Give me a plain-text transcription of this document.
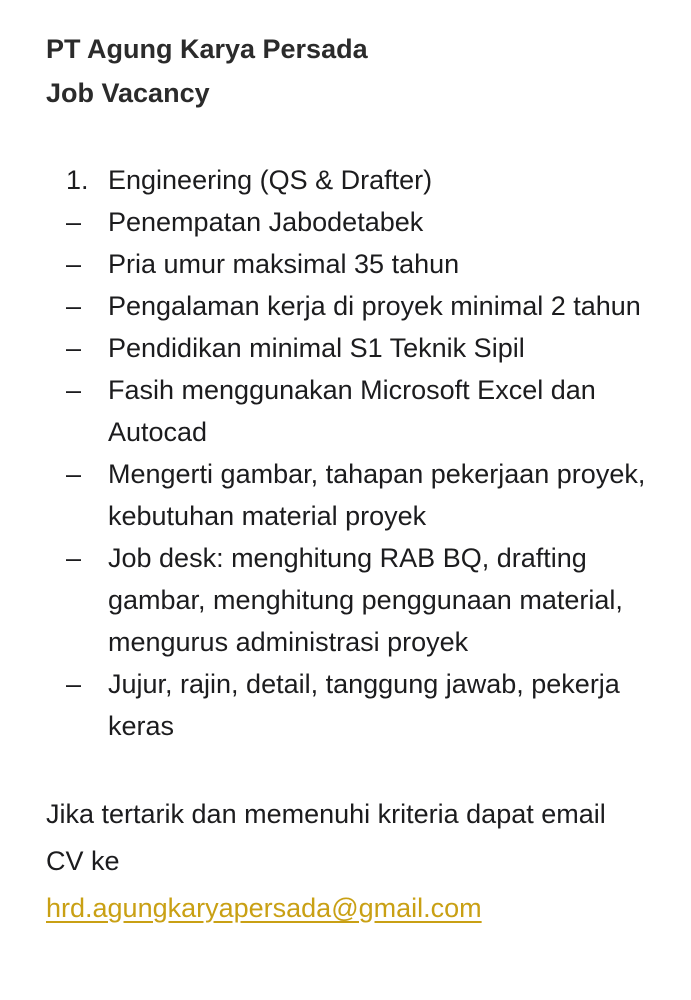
PT Agung Karya Persada
Job Vacancy
1. Engineering (QS & Drafter)
– Penempatan Jabodetabek
– Pria umur maksimal 35 tahun
– Pengalaman kerja di proyek minimal 2 tahun
– Pendidikan minimal S1 Teknik Sipil
– Fasih menggunakan Microsoft Excel dan Autocad
– Mengerti gambar, tahapan pekerjaan proyek, kebutuhan material proyek
– Job desk: menghitung RAB BQ, drafting gambar, menghitung penggunaan material, mengurus administrasi proyek
– Jujur, rajin, detail, tanggung jawab, pekerja keras
Jika tertarik dan memenuhi kriteria dapat email CV ke
hrd.agungkaryapersada@gmail.com
